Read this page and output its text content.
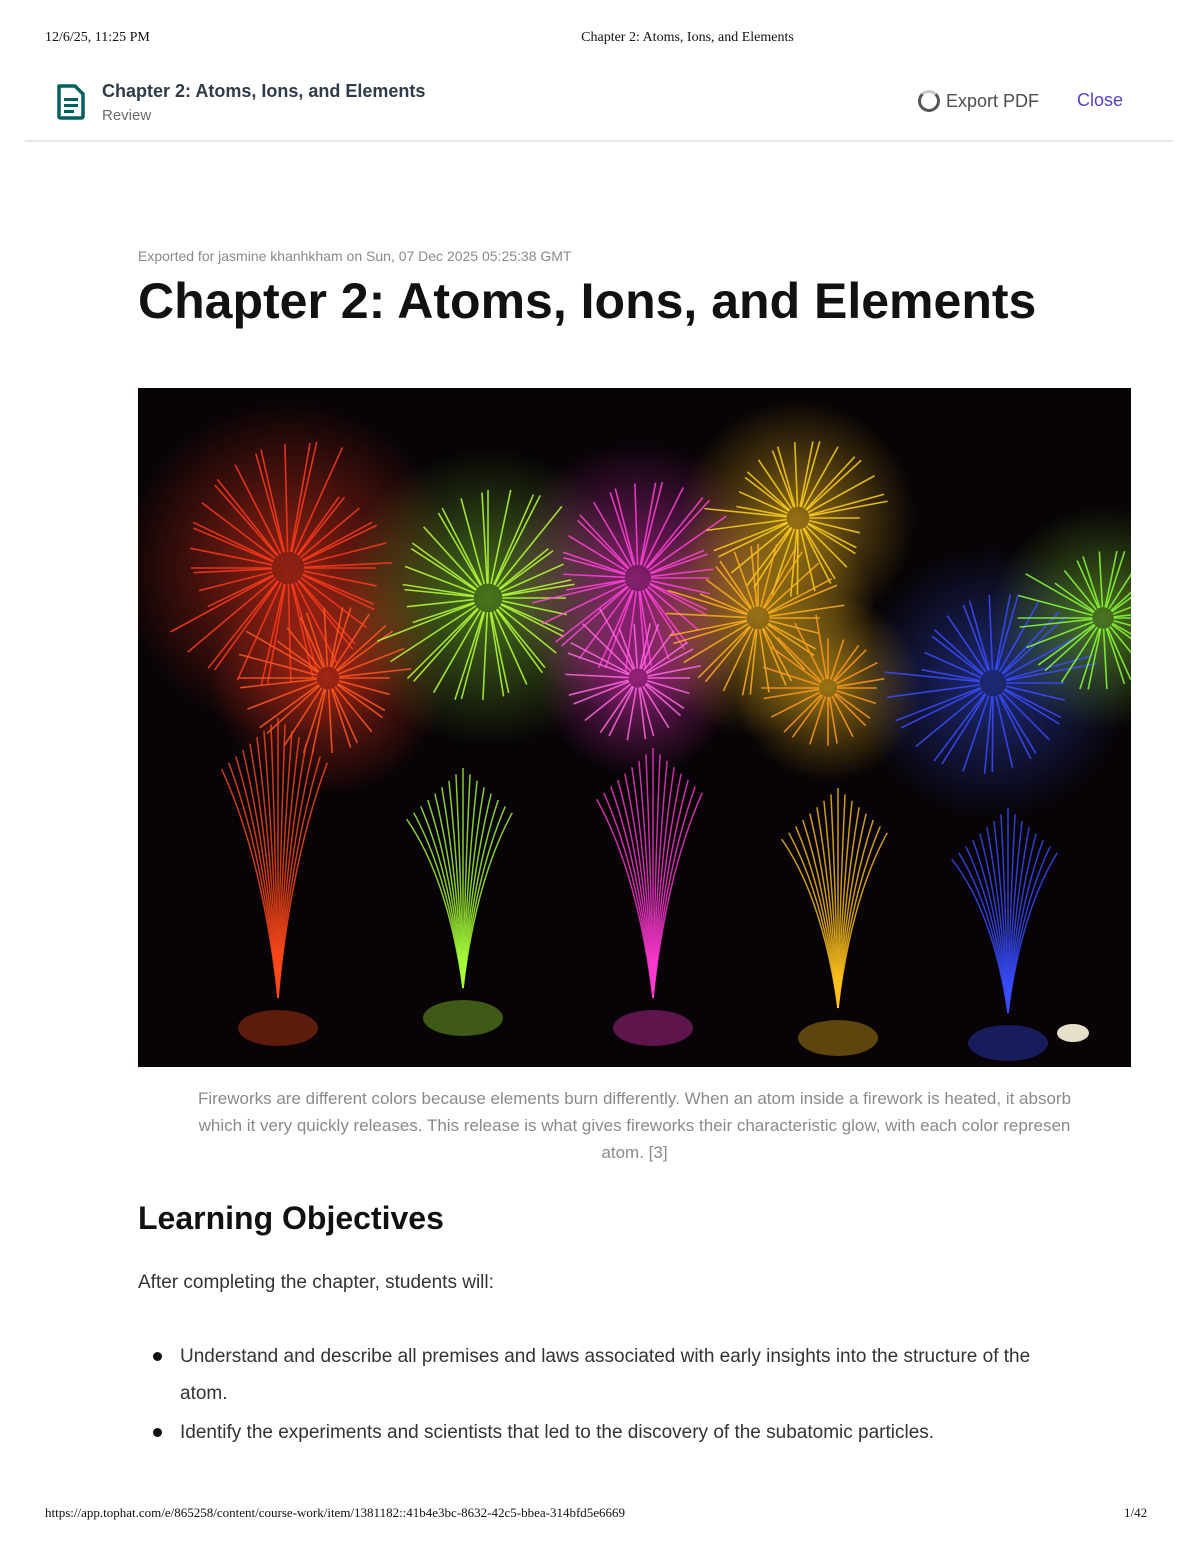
12/6/25, 11:25 PM	Chapter 2: Atoms, Ions, and Elements
Chapter 2: Atoms, Ions, and Elements
Review
Export PDF Close
Exported for jasmine khanhkham on Sun, 07 Dec 2025 05:25:38 GMT
Chapter 2: Atoms, Ions, and Elements
Fireworks are different colors because elements burn differently. When an atom inside a firework is heated, it absorb
which it very quickly releases. This release is what gives fireworks their characteristic glow, with each color represen
atom. [3]
Learning Objectives
After completing the chapter, students will:
Understand and describe all premises and laws associated with early insights into the structure of the atom.
Identify the experiments and scientists that led to the discovery of the subatomic particles.
https://app.tophat.com/e/865258/content/course-work/item/1381182::41b4e3bc-8632-42c5-bbea-314bfd5e6669	1/42
